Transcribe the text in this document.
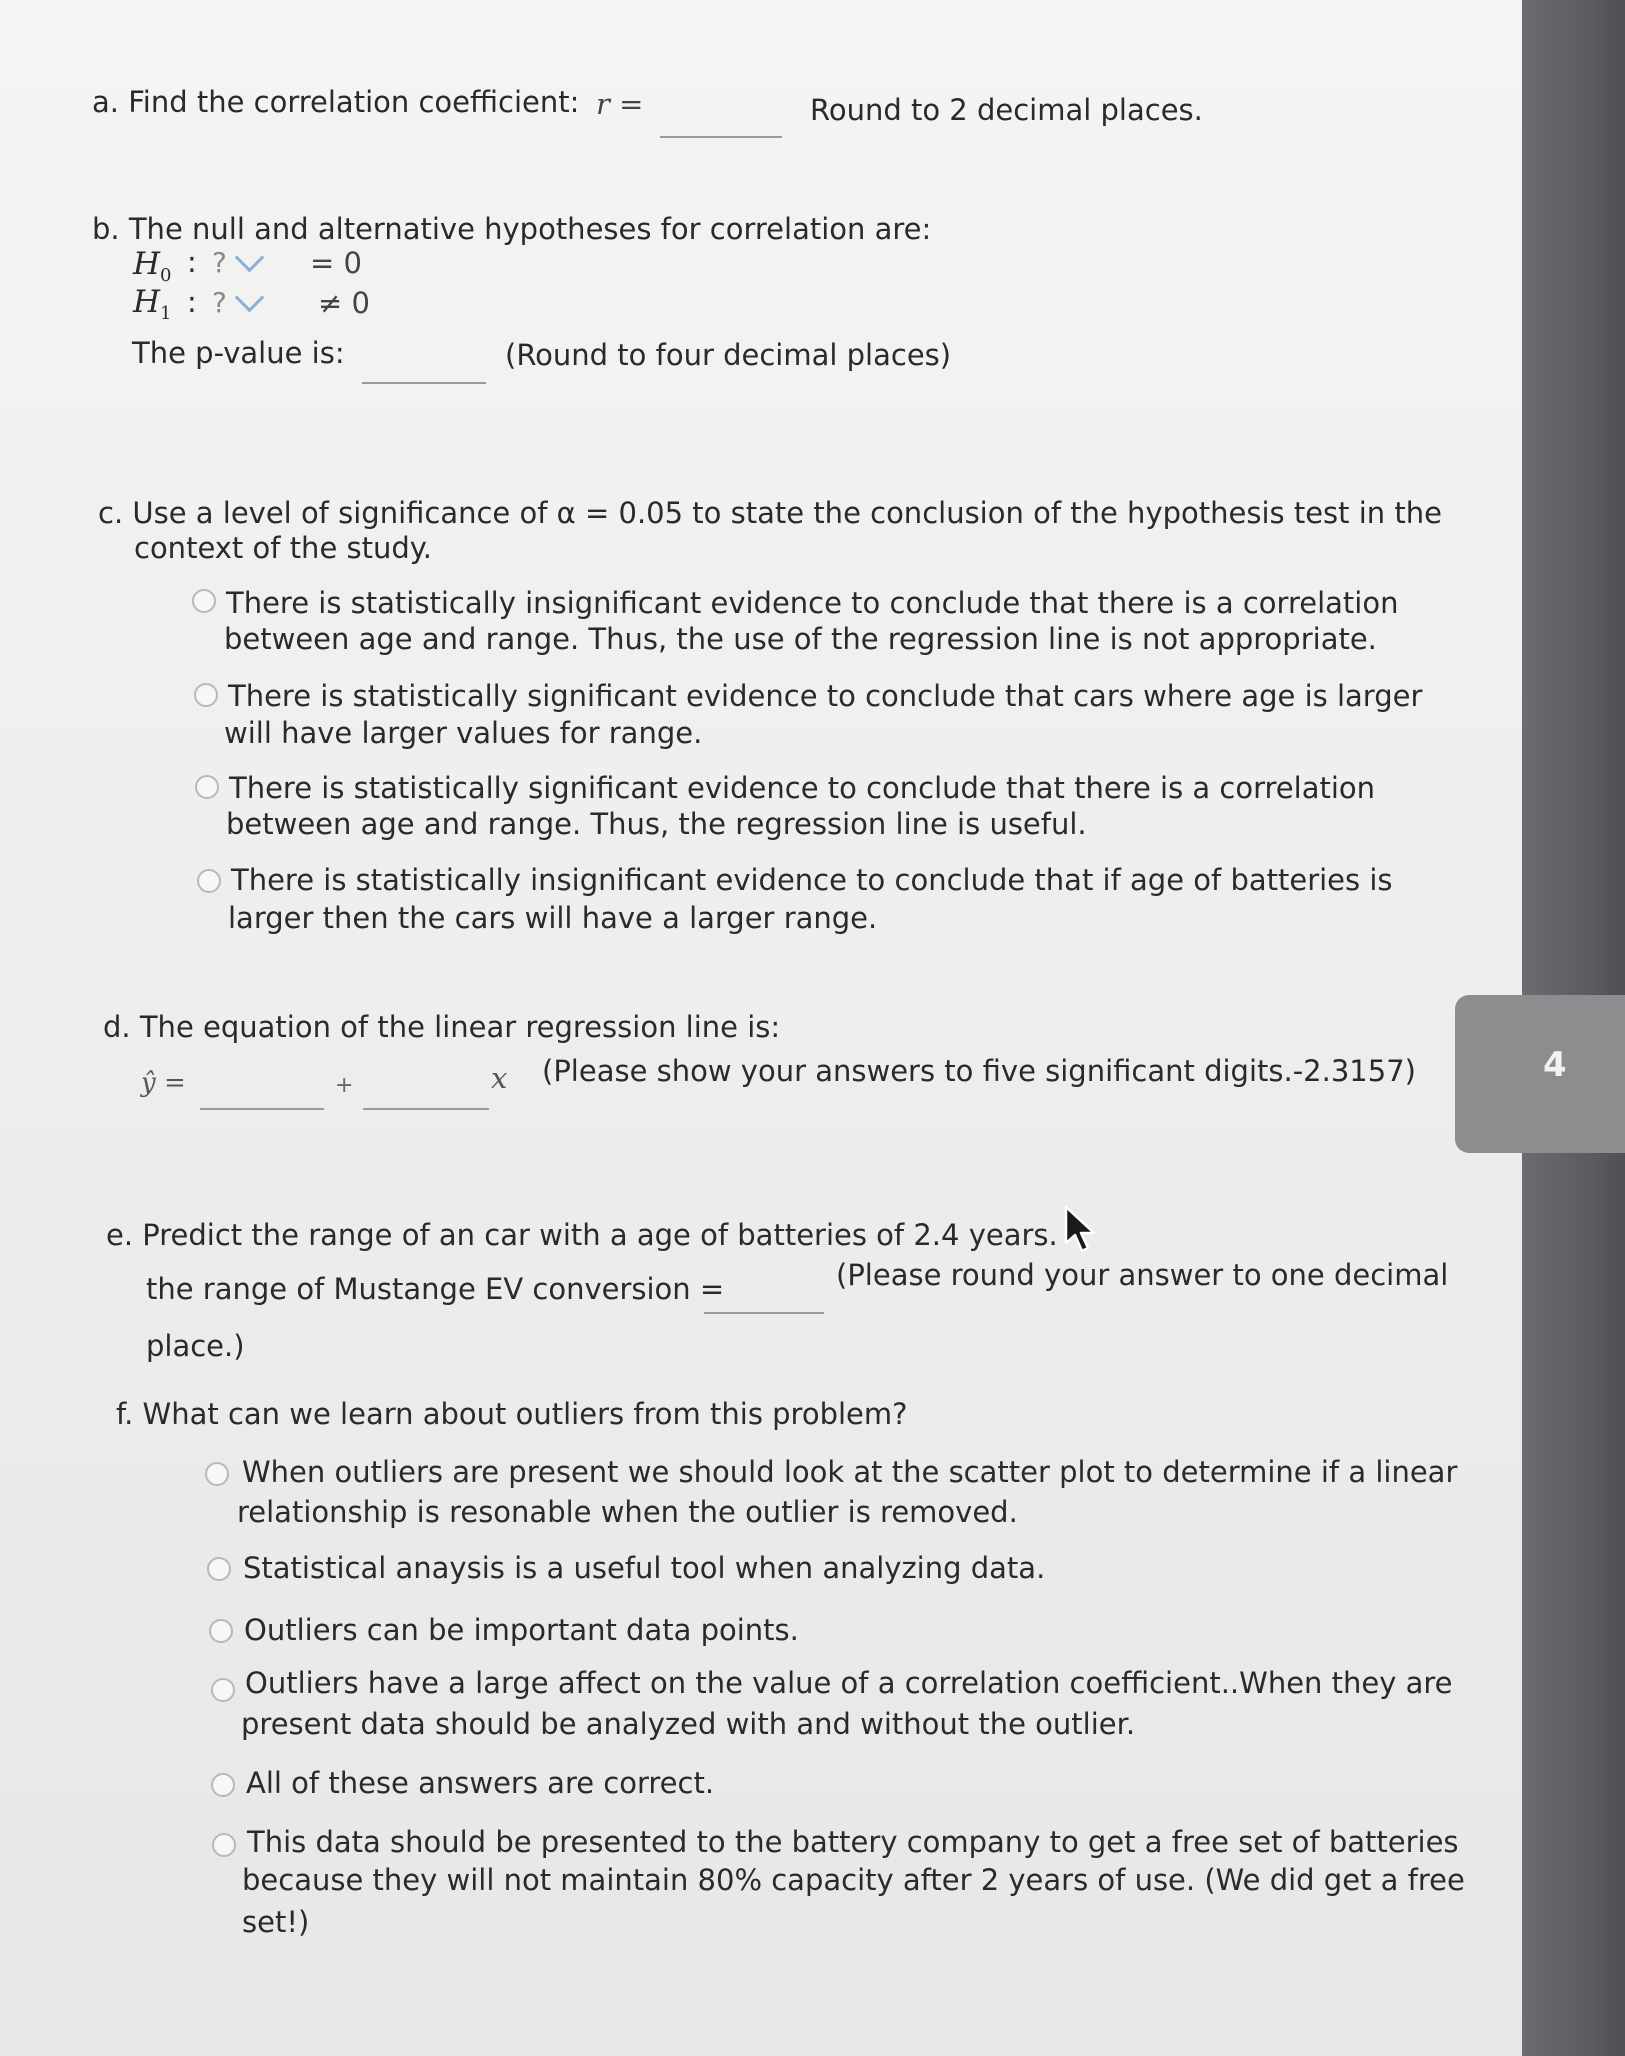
a. Find the correlation coefficient: r =	Round to 2 decimal places.
b. The null and alternative hypotheses for correlation are:
$H_0$ : ?	= 0
$H_1$ : ?	≠ 0
The p-value is:	(Round to four decimal places)
c. Use a level of significance of α = 0.05 to state the conclusion of the hypothesis test in the
context of the study.
There is statistically insignificant evidence to conclude that there is a correlation
between age and range. Thus, the use of the regression line is not appropriate.
There is statistically significant evidence to conclude that cars where age is larger
will have larger values for range.
There is statistically significant evidence to conclude that there is a correlation
between age and range. Thus, the regression line is useful.
There is statistically insignificant evidence to conclude that if age of batteries is
larger then the cars will have a larger range.
d. The equation of the linear regression line is:
ŷ =	+	x (Please show your answers to five significant digits.-2.3157)
e. Predict the range of an car with a age of batteries of 2.4 years.
the range of Mustange EV conversion =	(Please round your answer to one decimal
place.)
f. What can we learn about outliers from this problem?
When outliers are present we should look at the scatter plot to determine if a linear
relationship is resonable when the outlier is removed.
Statistical anaysis is a useful tool when analyzing data.
Outliers can be important data points.
Outliers have a large affect on the value of a correlation coefficient..When they are
present data should be analyzed with and without the outlier.
All of these answers are correct.
This data should be presented to the battery company to get a free set of batteries
because they will not maintain 80% capacity after 2 years of use. (We did get a free
set!)
4
